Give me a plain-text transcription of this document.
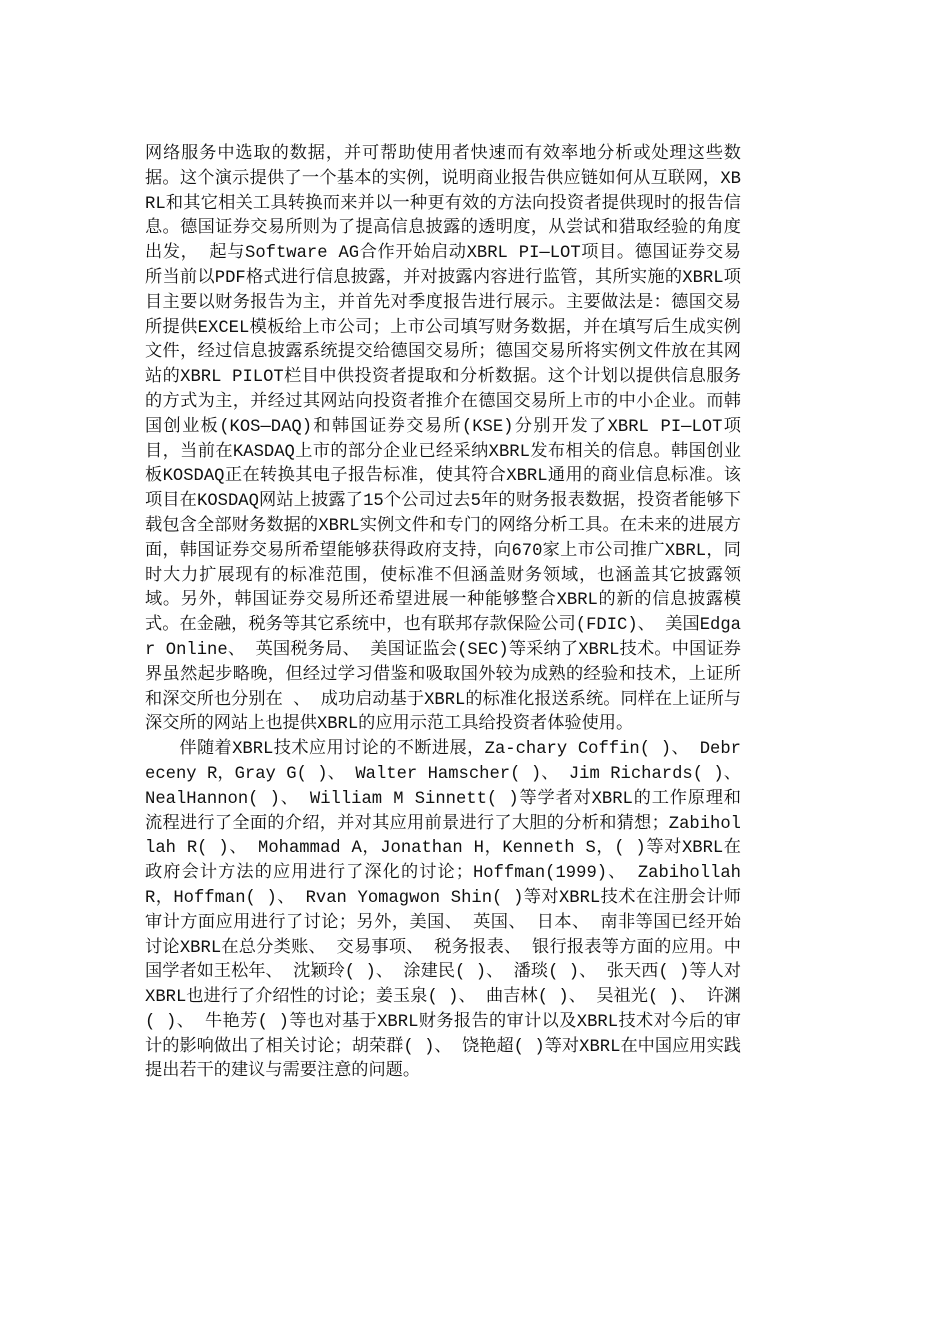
网络服务中选取的数据，并可帮助使用者快速而有效率地分析或处理这些数据。这个演示提供了一个基本的实例，说明商业报告供应链如何从互联网，XBRL和其它相关工具转换而来并以一种更有效的方法向投资者提供现时的报告信息。德国证券交易所则为了提高信息披露的透明度，从尝试和猎取经验的角度出发， 起与Software AG合作开始启动XBRL PI—LOT项目。德国证券交易所当前以PDF格式进行信息披露，并对披露内容进行监管，其所实施的XBRL项目主要以财务报告为主，并首先对季度报告进行展示。主要做法是：德国交易所提供EXCEL模板给上市公司；上市公司填写财务数据，并在填写后生成实例文件，经过信息披露系统提交给德国交易所；德国交易所将实例文件放在其网站的XBRL PILOT栏目中供投资者提取和分析数据。这个计划以提供信息服务的方式为主，并经过其网站向投资者推介在德国交易所上市的中小企业。而韩国创业板(KOS—DAQ)和韩国证券交易所(KSE)分别开发了XBRL PI—LOT项目，当前在KASDAQ上市的部分企业已经采纳XBRL发布相关的信息。韩国创业板KOSDAQ正在转换其电子报告标准，使其符合XBRL通用的商业信息标准。该项目在KOSDAQ网站上披露了15个公司过去5年的财务报表数据，投资者能够下载包含全部财务数据的XBRL实例文件和专门的网络分析工具。在未来的进展方面，韩国证券交易所希望能够获得政府支持，向670家上市公司推广XBRL，同时大力扩展现有的标准范围，使标准不但涵盖财务领域，也涵盖其它披露领域。另外，韩国证券交易所还希望进展一种能够整合XBRL的新的信息披露模式。在金融，税务等其它系统中，也有联邦存款保险公司(FDIC)、 美国Edgar Online、 英国税务局、 美国证监会(SEC)等采纳了XBRL技术。中国证券界虽然起步略晚，但经过学习借鉴和吸取国外较为成熟的经验和技术，上证所和深交所也分别在 、 成功启动基于XBRL的标准化报送系统。同样在上证所与深交所的网站上也提供XBRL的应用示范工具给投资者体验使用。

伴随着XBRL技术应用讨论的不断进展，Za-chary Coffin( )、 Debreceny R，Gray G( )、 Walter Hamscher( )、 Jim Richards( )、 NealHannon( )、 William M Sinnett( )等学者对XBRL的工作原理和流程进行了全面的介绍，并对其应用前景进行了大胆的分析和猜想；Zabihollah R( )、 Mohammad A，Jonathan H，Kenneth S，( )等对XBRL在政府会计方法的应用进行了深化的讨论；Hoffman(1999)、 Zabihollah R，Hoffman( )、 Rvan Yomagwon Shin( )等对XBRL技术在注册会计师审计方面应用进行了讨论；另外，美国、 英国、 日本、 南非等国已经开始讨论XBRL在总分类账、 交易事项、 税务报表、 银行报表等方面的应用。中国学者如王松年、 沈颖玲( )、 涂建民( )、 潘琰( )、 张天西( )等人对XBRL也进行了介绍性的讨论；姜玉泉( )、 曲吉林( )、 吴祖光( )、 许渊( )、 牛艳芳( )等也对基于XBRL财务报告的审计以及XBRL技术对今后的审计的影响做出了相关讨论；胡荣群( )、 饶艳超( )等对XBRL在中国应用实践提出若干的建议与需要注意的问题。
